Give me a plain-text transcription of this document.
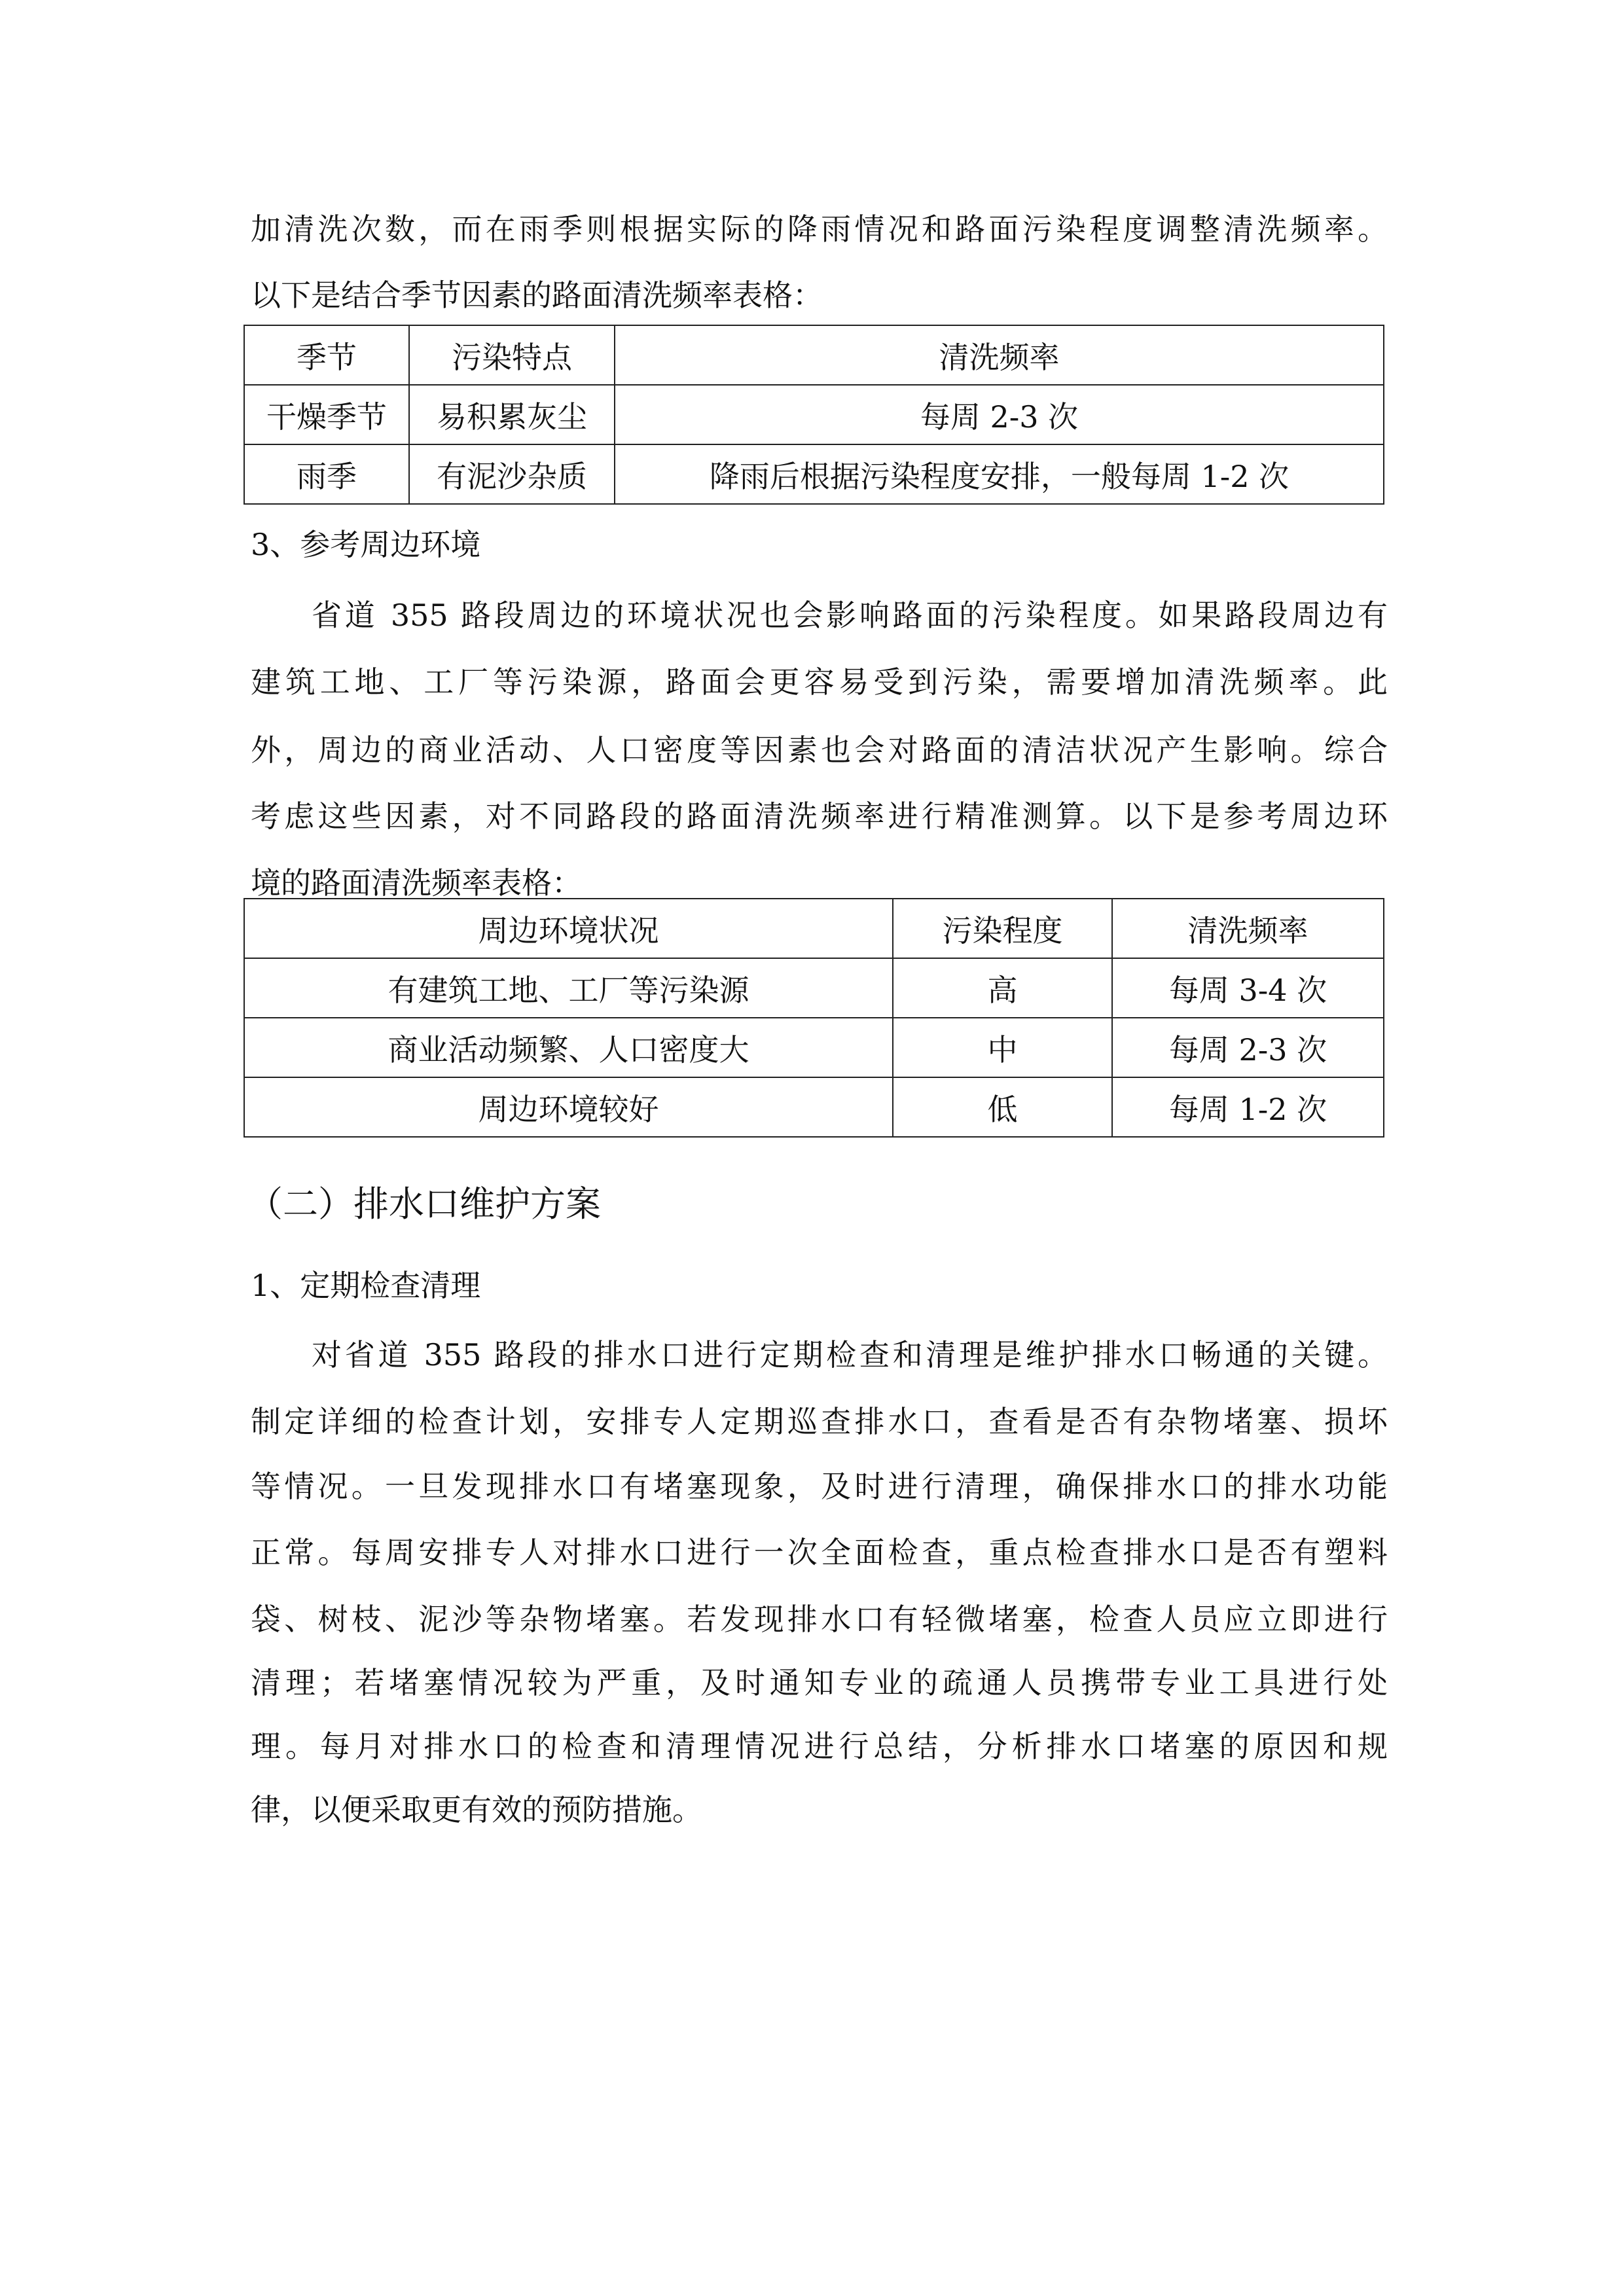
加清洗次数，而在雨季则根据实际的降雨情况和路面污染程度调整清洗频率。
以下是结合季节因素的路面清洗频率表格：
季节	污染特点	清洗频率
干燥季节	易积累灰尘	每周 2-3 次
雨季	有泥沙杂质	降雨后根据污染程度安排，一般每周 1-2 次
3、参考周边环境
省道 355 路段周边的环境状况也会影响路面的污染程度。如果路段周边有
建筑工地、工厂等污染源，路面会更容易受到污染，需要增加清洗频率。此
外，周边的商业活动、人口密度等因素也会对路面的清洁状况产生影响。综合
考虑这些因素，对不同路段的路面清洗频率进行精准测算。以下是参考周边环
境的路面清洗频率表格：
周边环境状况	污染程度	清洗频率
有建筑工地、工厂等污染源	高	每周 3-4 次
商业活动频繁、人口密度大	中	每周 2-3 次
周边环境较好	低	每周 1-2 次
（二）排水口维护方案
1、定期检查清理
对省道 355 路段的排水口进行定期检查和清理是维护排水口畅通的关键。
制定详细的检查计划，安排专人定期巡查排水口，查看是否有杂物堵塞、损坏
等情况。一旦发现排水口有堵塞现象，及时进行清理，确保排水口的排水功能
正常。每周安排专人对排水口进行一次全面检查，重点检查排水口是否有塑料
袋、树枝、泥沙等杂物堵塞。若发现排水口有轻微堵塞，检查人员应立即进行
清理；若堵塞情况较为严重，及时通知专业的疏通人员携带专业工具进行处
理。每月对排水口的检查和清理情况进行总结，分析排水口堵塞的原因和规
律，以便采取更有效的预防措施。
